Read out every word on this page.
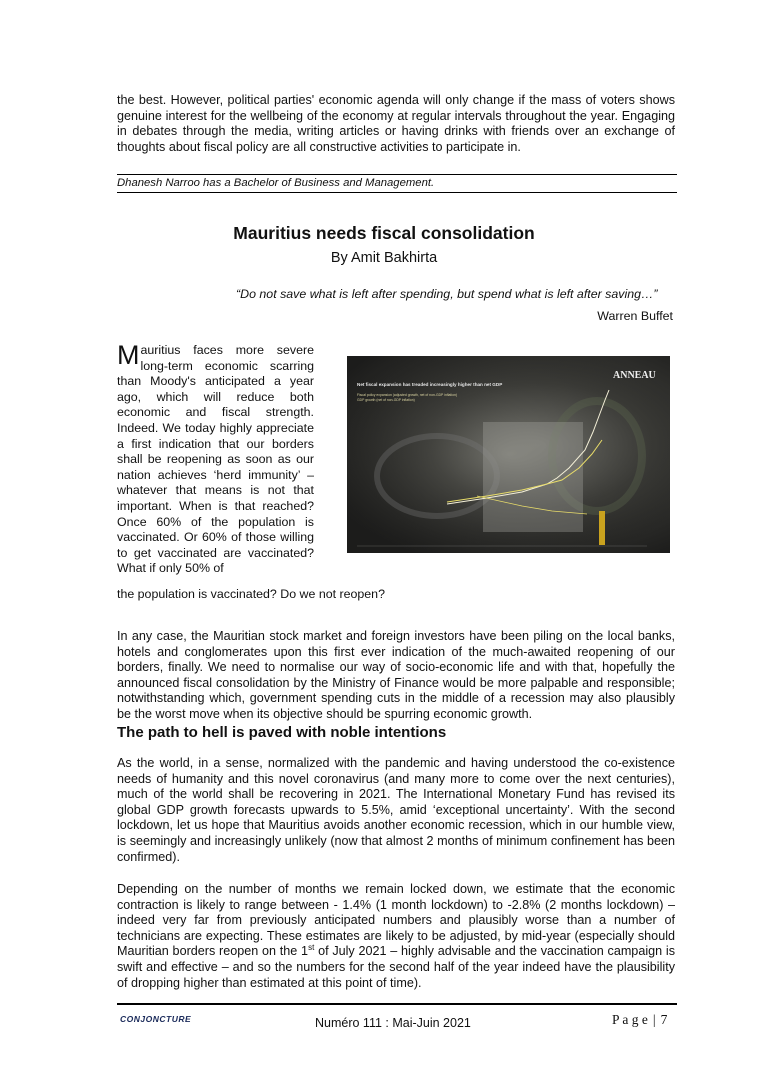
the best. However, political parties' economic agenda will only change if the mass of voters shows genuine interest for the wellbeing of the economy at regular intervals throughout the year. Engaging in debates through the media, writing articles or having drinks with friends over an exchange of thoughts about fiscal policy are all constructive activities to participate in.

Dhanesh Narroo has a Bachelor of Business and Management.

Mauritius needs fiscal consolidation

By Amit Bakhirta

“Do not save what is left after spending, but spend what is left after saving…”

Warren Buffet

Mauritius faces more severe long-term economic scarring than Moody's anticipated a year ago, which will reduce both economic and fiscal strength. Indeed. We today highly appreciate a first indication that our borders shall be reopening as soon as our nation achieves ‘herd immunity’ – whatever that means is not that important. When is that reached? Once 60% of the population is vaccinated. Or 60% of those willing to get vaccinated are vaccinated? What if only 50% of

the population is vaccinated? Do we not reopen?

Net fiscal expansion has treaded increasingly higher than net GDP
Fiscal policy expansion (adjusted growth, net of non-GDP inflation)
GDP growth (net of non-GDP inflation)
ANNEAU

In any case, the Mauritian stock market and foreign investors have been piling on the local banks, hotels and conglomerates upon this first ever indication of the much-awaited reopening of our borders, finally. We need to normalise our way of socio-economic life and with that, hopefully the announced fiscal consolidation by the Ministry of Finance would be more palpable and responsible; notwithstanding which, government spending cuts in the middle of a recession may also plausibly be the worst move when its objective should be spurring economic growth.

The path to hell is paved with noble intentions

As the world, in a sense, normalized with the pandemic and having understood the co-existence needs of humanity and this novel coronavirus (and many more to come over the next centuries), much of the world shall be recovering in 2021. The International Monetary Fund has revised its global GDP growth forecasts upwards to 5.5%, amid ‘exceptional uncertainty’. With the second lockdown, let us hope that Mauritius avoids another economic recession, which in our humble view, is seemingly and increasingly unlikely (now that almost 2 months of minimum confinement has been confirmed).

Depending on the number of months we remain locked down, we estimate that the economic contraction is likely to range between - 1.4% (1 month lockdown) to -2.8% (2 months lockdown) – indeed very far from previously anticipated numbers and plausibly worse than a number of technicians are expecting. These estimates are likely to be adjusted, by mid-year (especially should Mauritian borders reopen on the 1st of July 2021 – highly advisable and the vaccination campaign is swift and effective – and so the numbers for the second half of the year indeed have the plausibility of dropping higher than estimated at this point of time).

CONJONCTURE	Numéro 111 : Mai-Juin 2021	P a g e | 7
